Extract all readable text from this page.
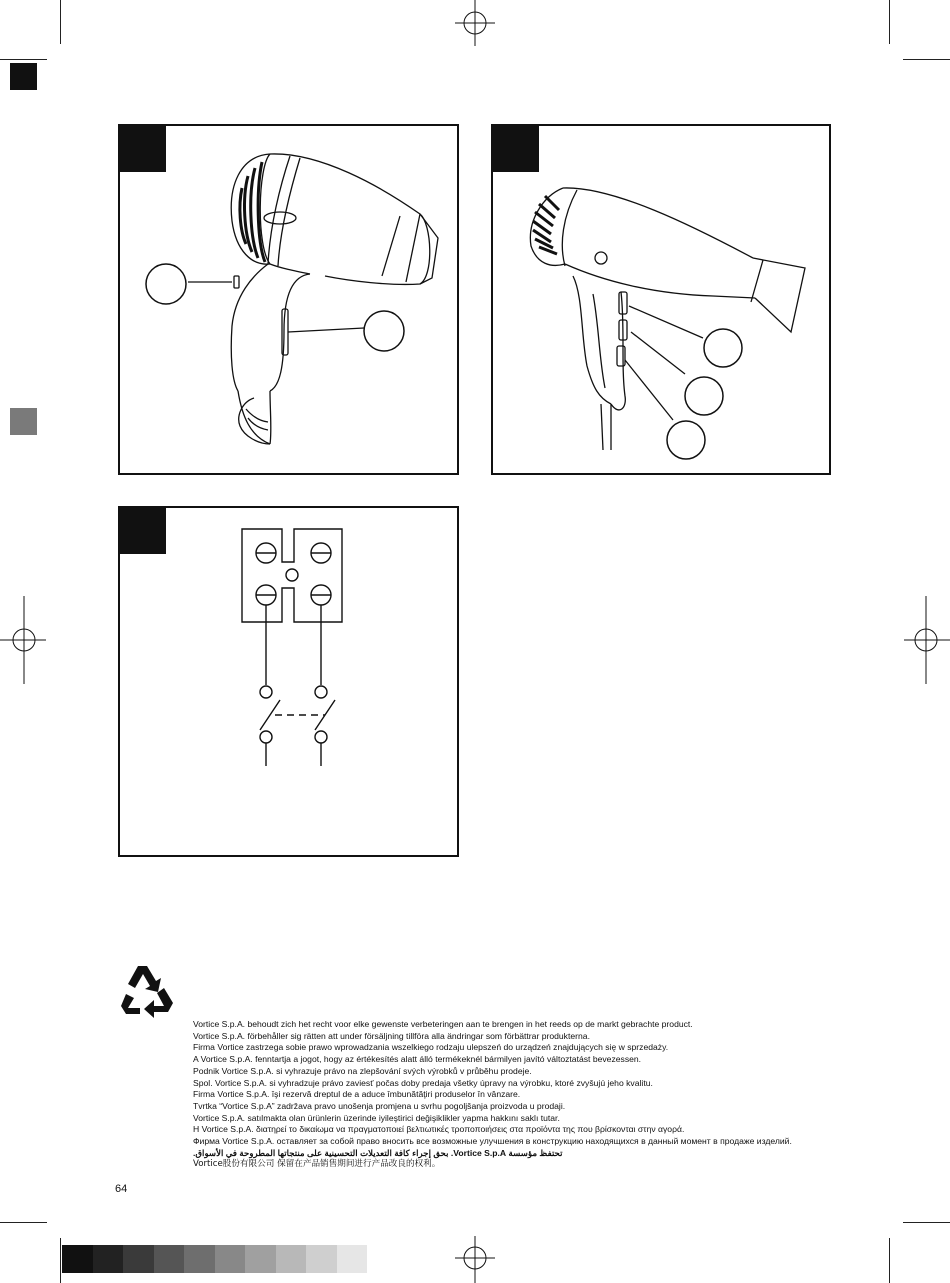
Vortice S.p.A. behoudt zich het recht voor elke gewenste verbeteringen aan te brengen in het reeds op de markt gebrachte product.
Vortice S.p.A. förbehåller sig rätten att under försäljning tillföra alla ändringar som förbättrar produkterna.
Firma Vortice zastrzega sobie prawo wprowadzania wszelkiego rodzaju ulepszeń do urządzeń znajdujących się w sprzedaży.
A Vortice S.p.A. fenntartja a jogot, hogy az értékesítés alatt álló termékeknél bármilyen javító változtatást bevezessen.
Podnik Vortice S.p.A. si vyhrazuje právo na zlepšování svých výrobků v průběhu prodeje.
Spol. Vortice S.p.A. si vyhradzuje právo zaviesť počas doby predaja všetky úpravy na výrobku, ktoré zvyšujú jeho kvalitu.
Firma Vortice S.p.A. îşi rezervă dreptul de a aduce îmbunătăţiri produselor în vânzare.
Tvrtka “Vortice S.p.A” zadržava pravo unošenja promjena u svrhu pogoljšanja proizvoda u prodaji.
Vortice S.p.A. satılmakta olan ürünlerin üzerinde iyileştirici değişiklikler yapma hakkını saklı tutar.
H Vortice S.p.A. διατηρεί το δικαίωμα να πραγματοποιεί βελτιωτικές τροποποιήσεις στα προϊόντα της που βρίσκονται στην αγορά.
Фирма Vortice S.p.A. оставляет за собой право вносить все возможные улучшения в конструкцию находящихся в данный момент в продаже изделий.
تحتفظ مؤسسة Vortice S.p.A. بحق إجراء كافة التعديلات التحسينية على منتجاتها المطروحة في الأسواق.
Vortice股份有限公司 保留在产品销售期间进行产品改良的权利。
64
